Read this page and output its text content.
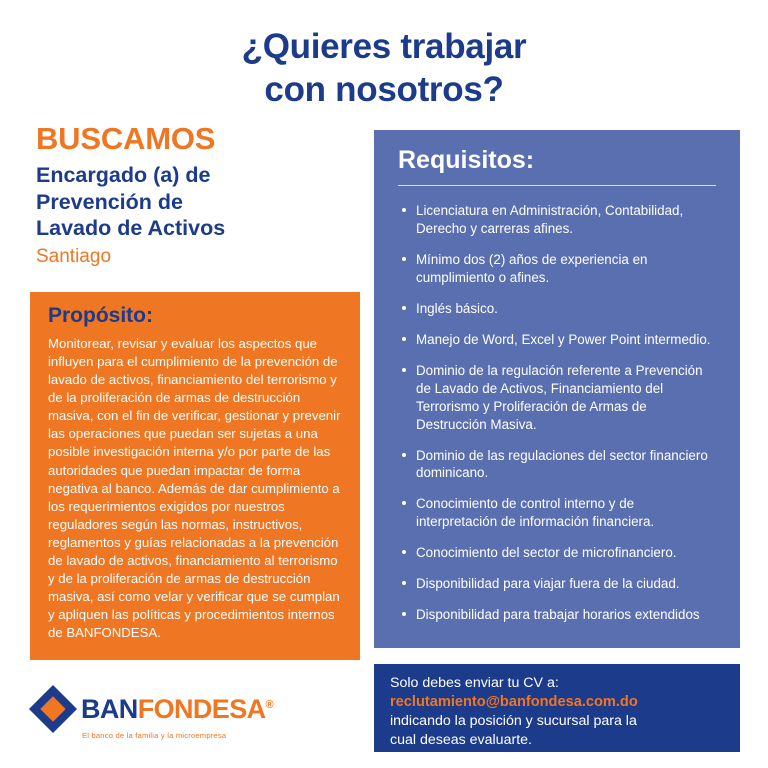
¿Quieres trabajar
con nosotros?
BUSCAMOS
Encargado (a) de
Prevención de
Lavado de Activos
Santiago
Propósito:
Monitorear, revisar y evaluar los aspectos que influyen para el cumplimiento de la prevención de lavado de activos, financiamiento del terrorismo y de la proliferación de armas de destrucción masiva, con el fin de verificar, gestionar y prevenir las operaciones que puedan ser sujetas a una posible investigación interna y/o por parte de las autoridades que puedan impactar de forma negativa al banco. Además de dar cumplimiento a los requerimientos exigidos por nuestros reguladores según las normas, instructivos, reglamentos y guías relacionadas a la prevención de lavado de activos, financiamiento al terrorismo y de la proliferación de armas de destrucción masiva, así como velar y verificar que se cumplan y apliquen las políticas y procedimientos internos de BANFONDESA.
BANFONDESA®
El banco de la familia y la microempresa
Requisitos:
Licenciatura en Administración, Contabilidad, Derecho y carreras afines.
Mínimo dos (2) años de experiencia en cumplimiento o afines.
Inglés básico.
Manejo de Word, Excel y Power Point intermedio.
Dominio de la regulación referente a Prevención de Lavado de Activos, Financiamiento del Terrorismo y Proliferación de Armas de Destrucción Masiva.
Dominio de las regulaciones del sector financiero dominicano.
Conocimiento de control interno y de interpretación de información financiera.
Conocimiento del sector de microfinanciero.
Disponibilidad para viajar fuera de la ciudad.
Disponibilidad para trabajar horarios extendidos
Solo debes enviar tu CV a:
reclutamiento@banfondesa.com.do
indicando la posición y sucursal para la
cual deseas evaluarte.
